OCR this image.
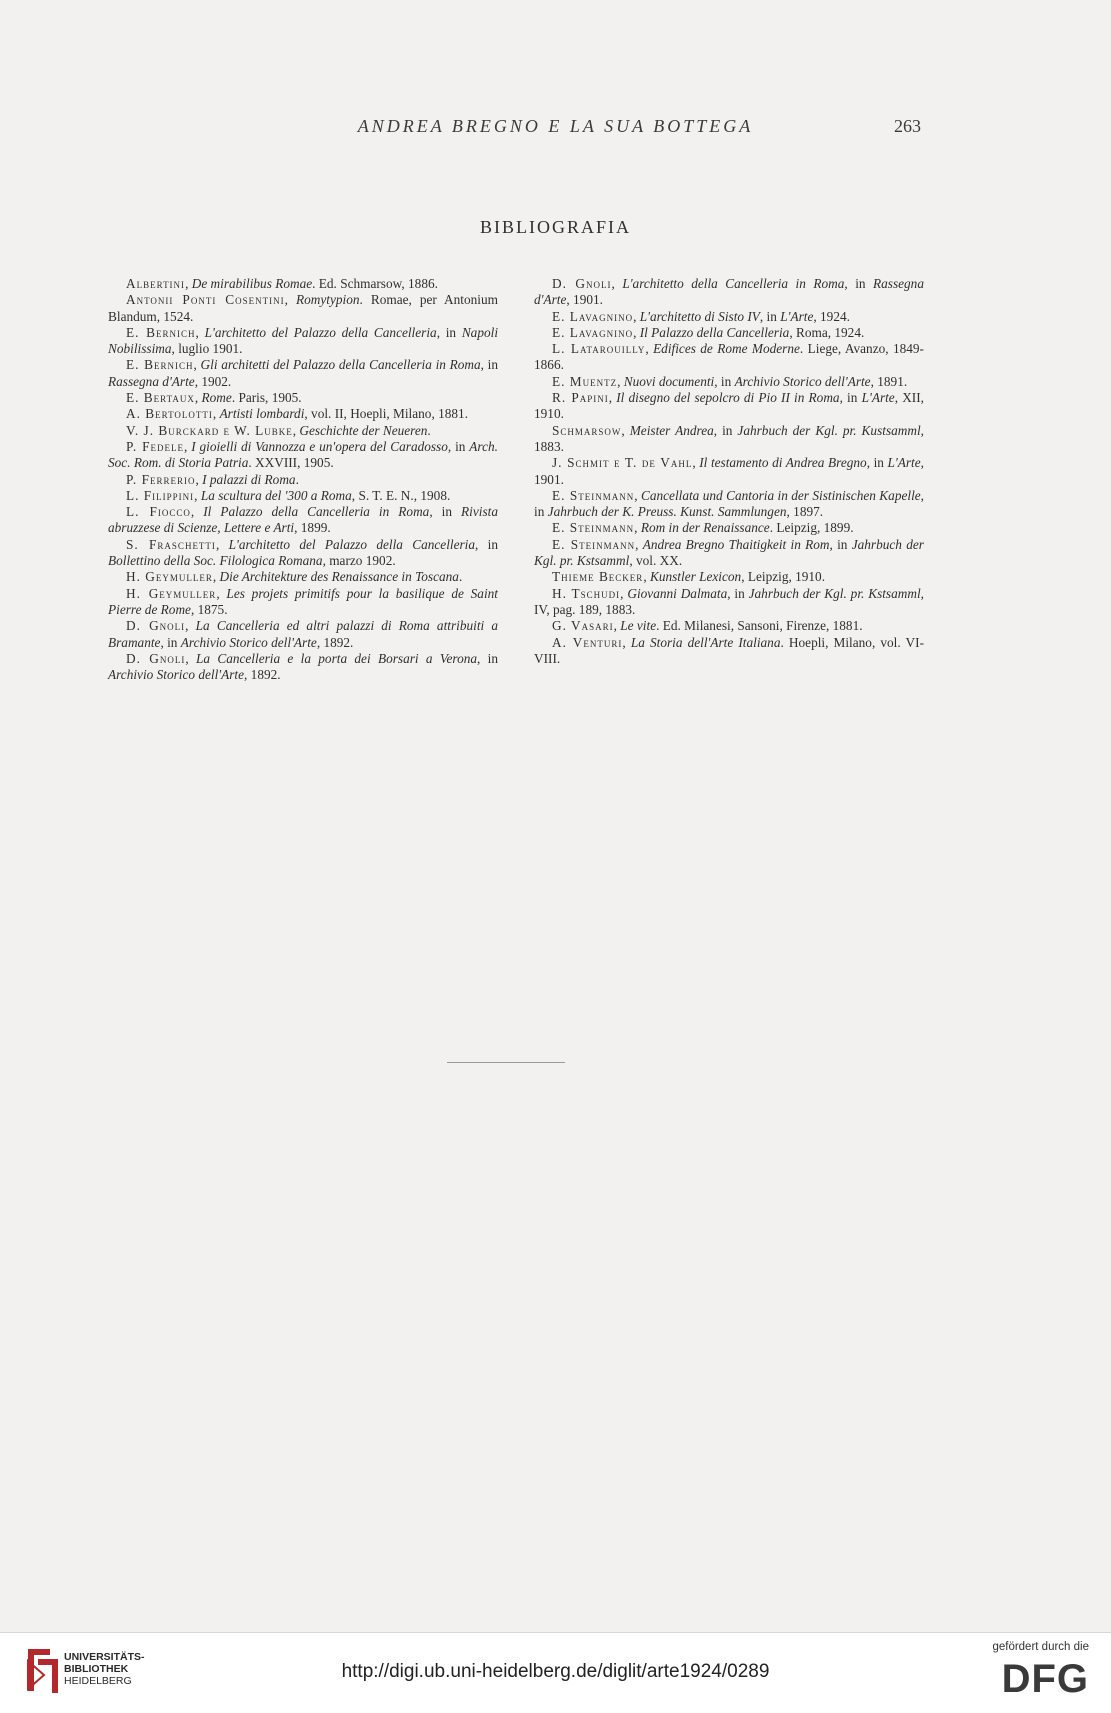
ANDREA BREGNO E LA SUA BOTTEGA	263
BIBLIOGRAFIA
Albertini, De mirabilibus Romae. Ed. Schmarsow, 1886.
Antonii Ponti Cosentini, Romytypion. Romae, per Antonium Blandum, 1524.
E. Bernich, L'architetto del Palazzo della Cancelleria, in Napoli Nobilissima, luglio 1901.
E. Bernich, Gli architetti del Palazzo della Cancelleria in Roma, in Rassegna d'Arte, 1902.
E. Bertaux, Rome. Paris, 1905.
A. Bertolotti, Artisti lombardi, vol. II, Hoepli, Milano, 1881.
V. J. Burckard e W. Lubke, Geschichte der Neueren.
P. Fedele, I gioielli di Vannozza e un'opera del Caradosso, in Arch. Soc. Rom. di Storia Patria. XXVIII, 1905.
P. Ferrerio, I palazzi di Roma.
L. Filippini, La scultura del '300 a Roma, S. T. E. N., 1908.
L. Fiocco, Il Palazzo della Cancelleria in Roma, in Rivista abruzzese di Scienze, Lettere e Arti, 1899.
S. Fraschetti, L'architetto del Palazzo della Cancelleria, in Bollettino della Soc. Filologica Romana, marzo 1902.
H. Geymuller, Die Architekture des Renaissance in Toscana.
H. Geymuller, Les projets primitifs pour la basilique de Saint Pierre de Rome, 1875.
D. Gnoli, La Cancelleria ed altri palazzi di Roma attribuiti a Bramante, in Archivio Storico dell'Arte, 1892.
D. Gnoli, La Cancelleria e la porta dei Borsari a Verona, in Archivio Storico dell'Arte, 1892.
D. Gnoli, L'architetto della Cancelleria in Roma, in Rassegna d'Arte, 1901.
E. Lavagnino, L'architetto di Sisto IV, in L'Arte, 1924.
E. Lavagnino, Il Palazzo della Cancelleria, Roma, 1924.
L. Latarouilly, Edifices de Rome Moderne. Liege, Avanzo, 1849-1866.
E. Muentz, Nuovi documenti, in Archivio Storico dell'Arte, 1891.
R. Papini, Il disegno del sepolcro di Pio II in Roma, in L'Arte, XII, 1910.
Schmarsow, Meister Andrea, in Jahrbuch der Kgl. pr. Kustsamml, 1883.
J. Schmit e T. de Vahl, Il testamento di Andrea Bregno, in L'Arte, 1901.
E. Steinmann, Cancellata und Cantoria in der Sistinischen Kapelle, in Jahrbuch der K. Preuss. Kunst. Sammlungen, 1897.
E. Steinmann, Rom in der Renaissance. Leipzig, 1899.
E. Steinmann, Andrea Bregno Thaitigkeit in Rom, in Jahrbuch der Kgl. pr. Kstsamml, vol. XX.
Thieme Becker, Kunstler Lexicon, Leipzig, 1910.
H. Tschudi, Giovanni Dalmata, in Jahrbuch der Kgl. pr. Kstsamml, IV, pag. 189, 1883.
G. Vasari, Le vite. Ed. Milanesi, Sansoni, Firenze, 1881.
A. Venturi, La Storia dell'Arte Italiana. Hoepli, Milano, vol. VI-VIII.
UNIVERSITÄTS-
BIBLIOTHEK
HEIDELBERG	http://digi.ub.uni-heidelberg.de/diglit/arte1924/0289
gefördert durch die
DFG
